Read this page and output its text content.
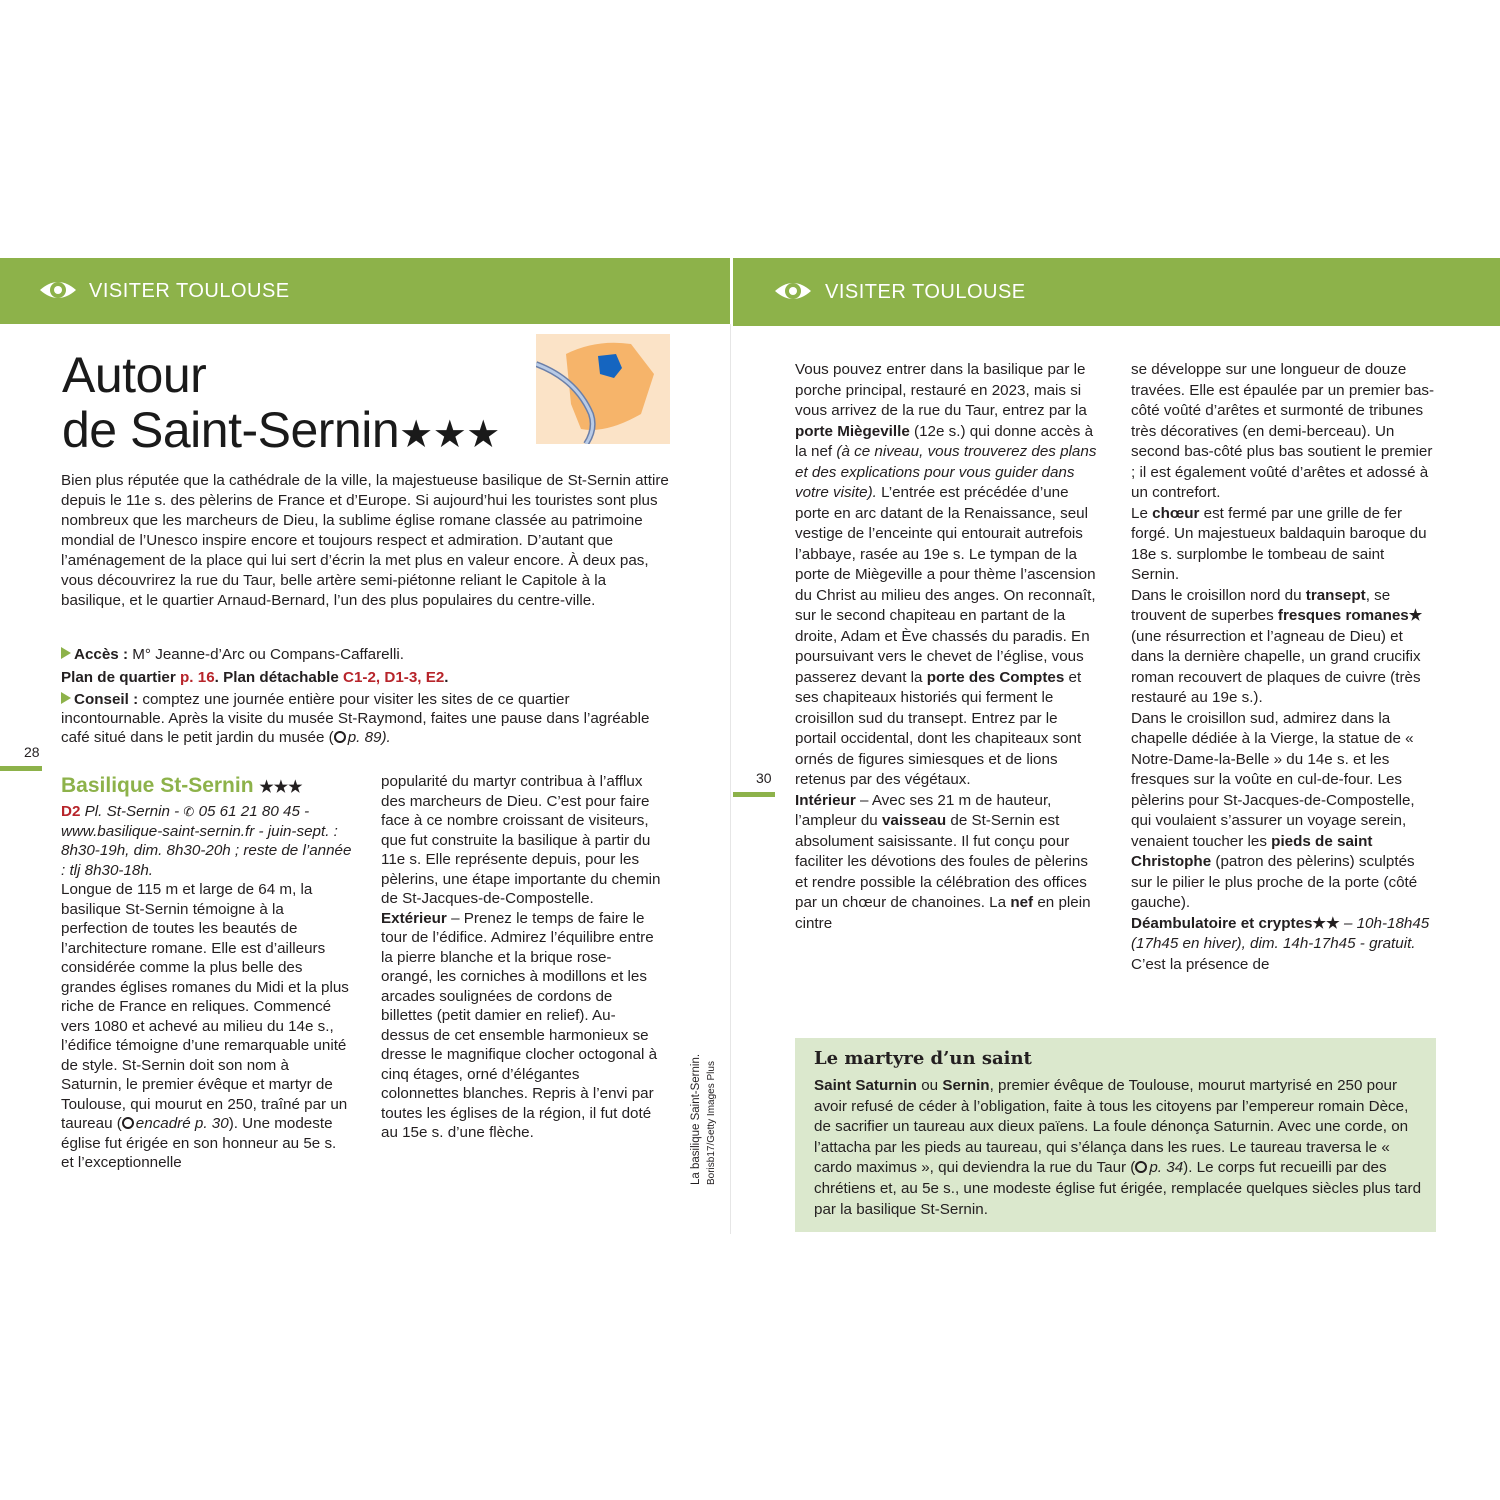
VISITER TOULOUSE	VISITER TOULOUSE
Autour
de Saint-Sernin★★★
Bien plus réputée que la cathédrale de la ville, la majestueuse basilique de St-Sernin attire depuis le 11e s. des pèlerins de France et d’Europe. Si aujourd’hui les touristes sont plus nombreux que les marcheurs de Dieu, la sublime église romane classée au patrimoine mondial de l’Unesco inspire encore et toujours respect et admiration. D’autant que l’aménagement de la place qui lui sert d’écrin la met plus en valeur encore. À deux pas, vous découvrirez la rue du Taur, belle artère semi-piétonne reliant le Capitole à la basilique, et le quartier Arnaud-Bernard, l’un des plus populaires du centre-ville.

Accès : M° Jeanne-d’Arc ou Compans-Caffarelli.

Plan de quartier p. 16. Plan détachable C1-2, D1-3, E2.

Conseil : comptez une journée entière pour visiter les sites de ce quartier incontournable. Après la visite du musée St-Raymond, faites une pause dans l’agréable café situé dans le petit jardin du musée ( p. 89).

28
Basilique St-Sernin ★★★
D2 Pl. St-Sernin - ✆ 05 61 21 80 45 - www.basilique-saint-sernin.fr - juin-sept. : 8h30-19h, dim. 8h30-20h ; reste de l’année : tlj 8h30-18h.
Longue de 115 m et large de 64 m, la basilique St-Sernin témoigne à la perfection de toutes les beautés de l’architecture romane. Elle est d’ailleurs considérée comme la plus belle des grandes églises romanes du Midi et la plus riche de France en reliques. Commencé vers 1080 et achevé au milieu du 14e s., l’édifice témoigne d’une remarquable unité de style. St-Sernin doit son nom à Saturnin, le premier évêque et martyr de Toulouse, qui mourut en 250, traîné par un taureau ( encadré p. 30). Une modeste église fut érigée en son honneur au 5e s. et l’exceptionnelle
popularité du martyr contribua à l’afflux des marcheurs de Dieu. C’est pour faire face à ce nombre croissant de visiteurs, que fut construite la basilique à partir du 11e s. Elle représente depuis, pour les pèlerins, une étape importante du chemin de St-Jacques-de-Compostelle.
Extérieur – Prenez le temps de faire le tour de l’édifice. Admirez l’équilibre entre la pierre blanche et la brique rose-orangé, les corniches à modillons et les arcades soulignées de cordons de billettes (petit damier en relief). Au-dessus de cet ensemble harmonieux se dresse le magnifique clocher octogonal à cinq étages, orné d’élégantes colonnettes blanches. Repris à l’envi par toutes les églises de la région, il fut doté au 15e s. d’une flèche.	La basilique Saint-Sernin. Borisb17/Getty Images Plus
30
Vous pouvez entrer dans la basilique par le porche principal, restauré en 2023, mais si vous arrivez de la rue du Taur, entrez par la porte Miègeville (12e s.) qui donne accès à la nef (à ce niveau, vous trouverez des plans et des explications pour vous guider dans votre visite). L’entrée est précédée d’une porte en arc datant de la Renaissance, seul vestige de l’enceinte qui entourait autrefois l’abbaye, rasée au 19e s. Le tympan de la porte de Miègeville a pour thème l’ascension du Christ au milieu des anges. On reconnaît, sur le second chapiteau en partant de la droite, Adam et Ève chassés du paradis. En poursuivant vers le chevet de l’église, vous passerez devant la porte des Comptes et ses chapiteaux historiés qui ferment le croisillon sud du transept. Entrez par le portail occidental, dont les chapiteaux sont ornés de figures simiesques et de lions retenus par des végétaux.
Intérieur – Avec ses 21 m de hauteur, l’ampleur du vaisseau de St-Sernin est absolument saisissante. Il fut conçu pour faciliter les dévotions des foules de pèlerins et rendre possible la célébration des offices par un chœur de chanoines. La nef en plein cintre
se développe sur une longueur de douze travées. Elle est épaulée par un premier bas-côté voûté d’arêtes et surmonté de tribunes très décoratives (en demi-berceau). Un second bas-côté plus bas soutient le premier ; il est également voûté d’arêtes et adossé à un contrefort.
Le chœur est fermé par une grille de fer forgé. Un majestueux baldaquin baroque du 18e s. surplombe le tombeau de saint Sernin.
Dans le croisillon nord du transept, se trouvent de superbes fresques romanes★ (une résurrection et l’agneau de Dieu) et dans la dernière chapelle, un grand crucifix roman recouvert de plaques de cuivre (très restauré au 19e s.).
Dans le croisillon sud, admirez dans la chapelle dédiée à la Vierge, la statue de « Notre-Dame-la-Belle » du 14e s. et les fresques sur la voûte en cul-de-four. Les pèlerins pour St-Jacques-de-Compostelle, qui voulaient s’assurer un voyage serein, venaient toucher les pieds de saint Christophe (patron des pèlerins) sculptés sur le pilier le plus proche de la porte (côté gauche).
Déambulatoire et cryptes★★ – 10h-18h45 (17h45 en hiver), dim. 14h-17h45 - gratuit. C’est la présence de
Le martyre d’un saint
Saint Saturnin ou Sernin, premier évêque de Toulouse, mourut martyrisé en 250 pour avoir refusé de céder à l’obligation, faite à tous les citoyens par l’empereur romain Dèce, de sacrifier un taureau aux dieux païens. La foule dénonça Saturnin. Avec une corde, on l’attacha par les pieds au taureau, qui s’élança dans les rues. Le taureau traversa le « cardo maximus », qui deviendra la rue du Taur ( p. 34). Le corps fut recueilli par des chrétiens et, au 5e s., une modeste église fut érigée, remplacée quelques siècles plus tard par la basilique St-Sernin.
